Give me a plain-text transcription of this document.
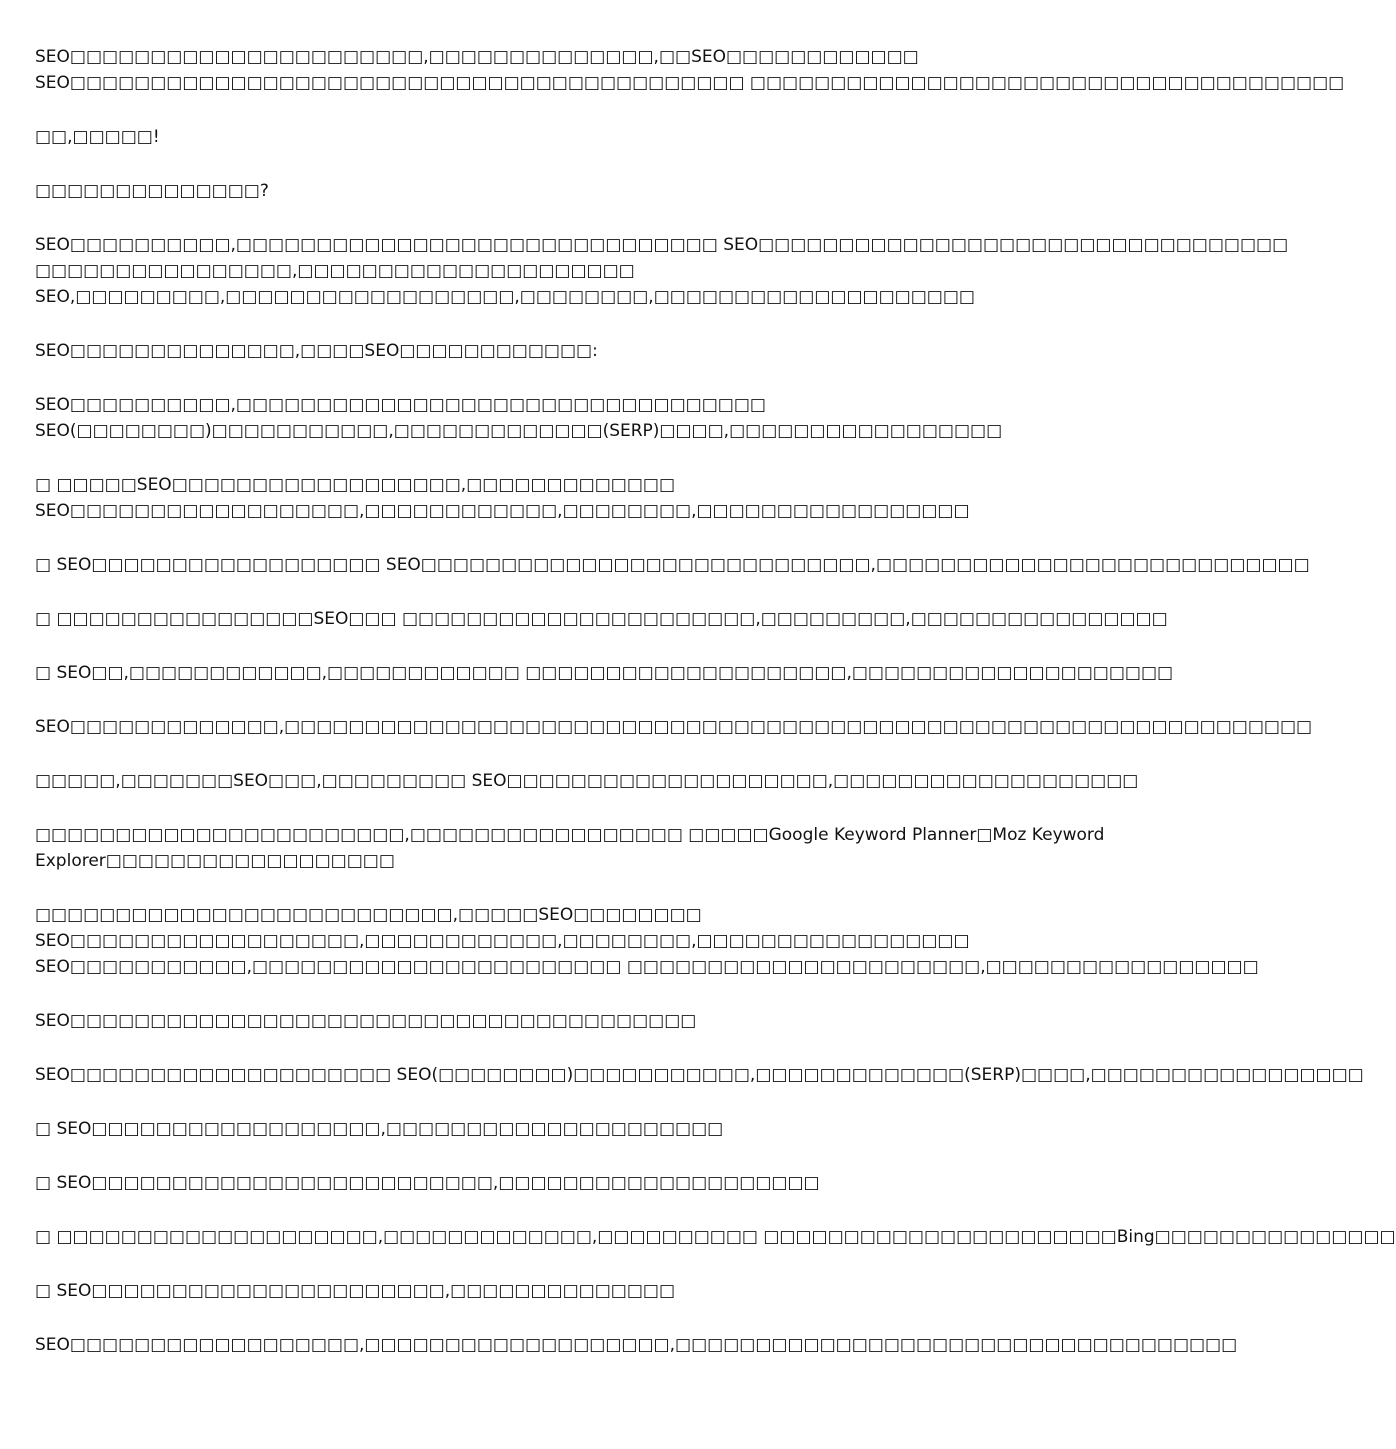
SEO□□□□□□□□□□□□□□□□□□□□□□,□□□□□□□□□□□□□□,□□SEO□□□□□□□□□□□□
SEO□□□□□□□□□□□□□□□□□□□□□□□□□□□□□□□□□□□□□□□□□□ □□□□□□□□□□□□□□□□□□□□□□□□□□□□□□□□□□□□□
□□,□□□□□!
□□□□□□□□□□□□□□?
SEO□□□□□□□□□□,□□□□□□□□□□□□□□□□□□□□□□□□□□□□□□ SEO□□□□□□□□□□□□□□□□□□□□□□□□□□□□□□□□□
□□□□□□□□□□□□□□□□,□□□□□□□□□□□□□□□□□□□□□
SEO,□□□□□□□□□,□□□□□□□□□□□□□□□□□□,□□□□□□□□,□□□□□□□□□□□□□□□□□□□□
SEO□□□□□□□□□□□□□□,□□□□SEO□□□□□□□□□□□□:
SEO□□□□□□□□□□,□□□□□□□□□□□□□□□□□□□□□□□□□□□□□□□□□
SEO(□□□□□□□□)□□□□□□□□□□□,□□□□□□□□□□□□□(SERP)□□□□,□□□□□□□□□□□□□□□□□
□ □□□□□SEO□□□□□□□□□□□□□□□□□□,□□□□□□□□□□□□□
SEO□□□□□□□□□□□□□□□□□□,□□□□□□□□□□□□,□□□□□□□□,□□□□□□□□□□□□□□□□□
□ SEO□□□□□□□□□□□□□□□□□□ SEO□□□□□□□□□□□□□□□□□□□□□□□□□□□□,□□□□□□□□□□□□□□□□□□□□□□□□□□□
□ □□□□□□□□□□□□□□□□SEO□□□ □□□□□□□□□□□□□□□□□□□□□□,□□□□□□□□□,□□□□□□□□□□□□□□□□
□ SEO□□,□□□□□□□□□□□□,□□□□□□□□□□□□ □□□□□□□□□□□□□□□□□□□□,□□□□□□□□□□□□□□□□□□□□
SEO□□□□□□□□□□□□□,□□□□□□□□□□□□□□□□□□□□□□□□□□□□□□□□□□□□□□□□□□□□□□□□□□□□□□□□□□□□□□□□
□□□□□,□□□□□□□SEO□□□,□□□□□□□□□ SEO□□□□□□□□□□□□□□□□□□□□,□□□□□□□□□□□□□□□□□□□
□□□□□□□□□□□□□□□□□□□□□□□,□□□□□□□□□□□□□□□□□ □□□□□Google Keyword Planner□Moz Keyword
Explorer□□□□□□□□□□□□□□□□□□
□□□□□□□□□□□□□□□□□□□□□□□□□□,□□□□□SEO□□□□□□□□
SEO□□□□□□□□□□□□□□□□□□,□□□□□□□□□□□□,□□□□□□□□,□□□□□□□□□□□□□□□□□
SEO□□□□□□□□□□□,□□□□□□□□□□□□□□□□□□□□□□□ □□□□□□□□□□□□□□□□□□□□□□,□□□□□□□□□□□□□□□□□
SEO□□□□□□□□□□□□□□□□□□□□□□□□□□□□□□□□□□□□□□□
SEO□□□□□□□□□□□□□□□□□□□□ SEO(□□□□□□□□)□□□□□□□□□□□,□□□□□□□□□□□□□(SERP)□□□□,□□□□□□□□□□□□□□□□□
□ SEO□□□□□□□□□□□□□□□□□□,□□□□□□□□□□□□□□□□□□□□□
□ SEO□□□□□□□□□□□□□□□□□□□□□□□□□,□□□□□□□□□□□□□□□□□□□□
□ □□□□□□□□□□□□□□□□□□□□,□□□□□□□□□□□□□,□□□□□□□□□□ □□□□□□□□□□□□□□□□□□□□□□Bing□□□□□□□□□□□□□□□
□ SEO□□□□□□□□□□□□□□□□□□□□□□,□□□□□□□□□□□□□□
SEO□□□□□□□□□□□□□□□□□□,□□□□□□□□□□□□□□□□□□□,□□□□□□□□□□□□□□□□□□□□□□□□□□□□□□□□□□□
